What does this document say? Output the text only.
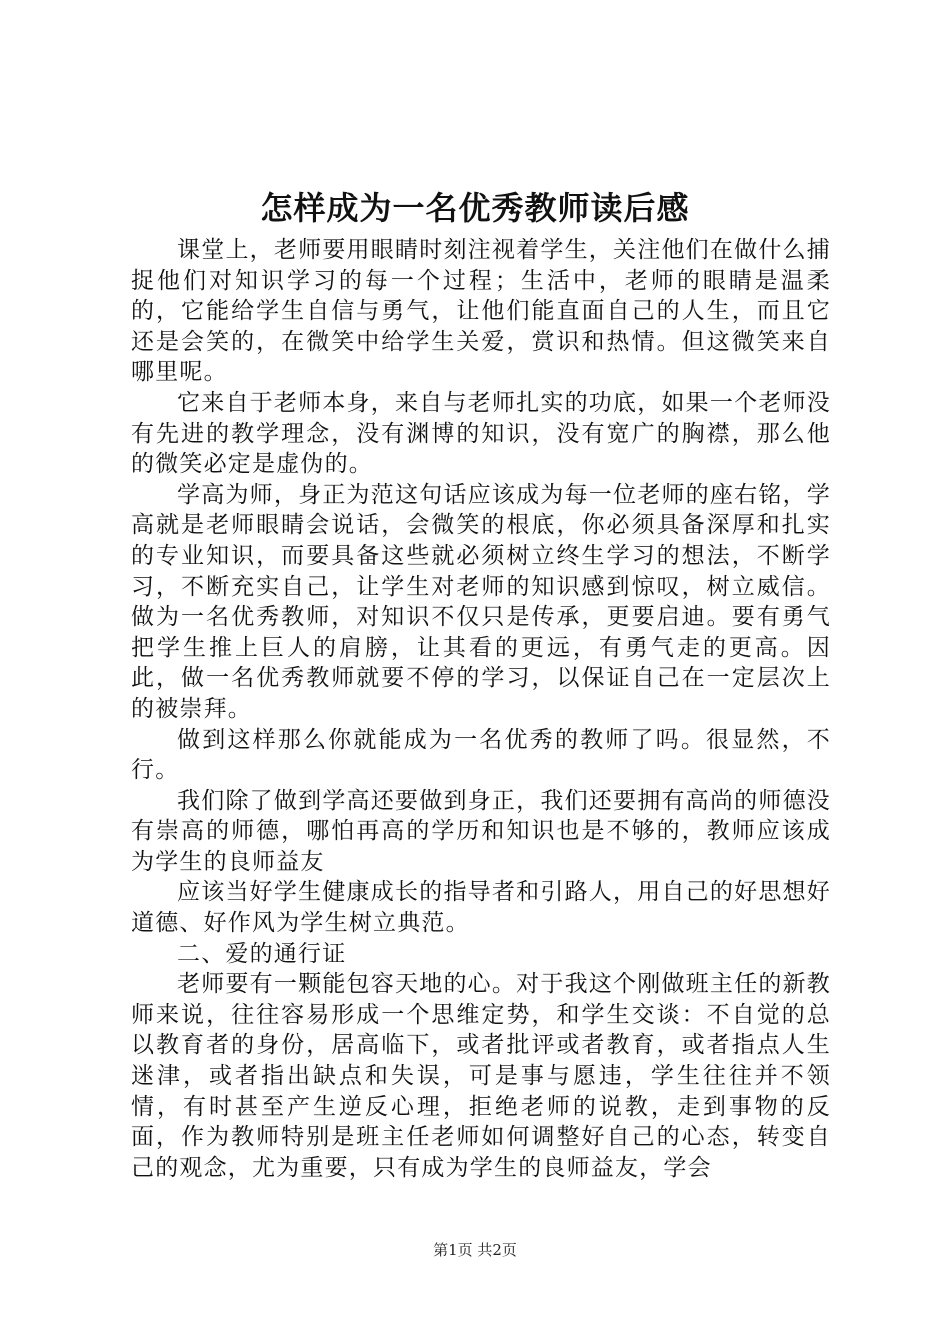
怎样成为一名优秀教师读后感

课堂上，老师要用眼睛时刻注视着学生，关注他们在做什么捕捉他们对知识学习的每一个过程；生活中，老师的眼睛是温柔的，它能给学生自信与勇气，让他们能直面自己的人生，而且它还是会笑的，在微笑中给学生关爱，赏识和热情。但这微笑来自哪里呢。

它来自于老师本身，来自与老师扎实的功底，如果一个老师没有先进的教学理念，没有渊博的知识，没有宽广的胸襟，那么他的微笑必定是虚伪的。

学高为师，身正为范这句话应该成为每一位老师的座右铭，学高就是老师眼睛会说话，会微笑的根底，你必须具备深厚和扎实的专业知识，而要具备这些就必须树立终生学习的想法，不断学习，不断充实自己，让学生对老师的知识感到惊叹，树立威信。做为一名优秀教师，对知识不仅只是传承，更要启迪。要有勇气把学生推上巨人的肩膀，让其看的更远，有勇气走的更高。因此，做一名优秀教师就要不停的学习，以保证自己在一定层次上的被崇拜。

做到这样那么你就能成为一名优秀的教师了吗。很显然，不行。

我们除了做到学高还要做到身正，我们还要拥有高尚的师德没有崇高的师德，哪怕再高的学历和知识也是不够的，教师应该成为学生的良师益友

应该当好学生健康成长的指导者和引路人，用自己的好思想好道德、好作风为学生树立典范。

二、爱的通行证

老师要有一颗能包容天地的心。对于我这个刚做班主任的新教师来说，往往容易形成一个思维定势，和学生交谈：不自觉的总以教育者的身份，居高临下，或者批评或者教育，或者指点人生迷津，或者指出缺点和失误，可是事与愿违，学生往往并不领情，有时甚至产生逆反心理，拒绝老师的说教，走到事物的反面，作为教师特别是班主任老师如何调整好自己的心态，转变自己的观念，尤为重要，只有成为学生的良师益友，学会

第1页 共2页
